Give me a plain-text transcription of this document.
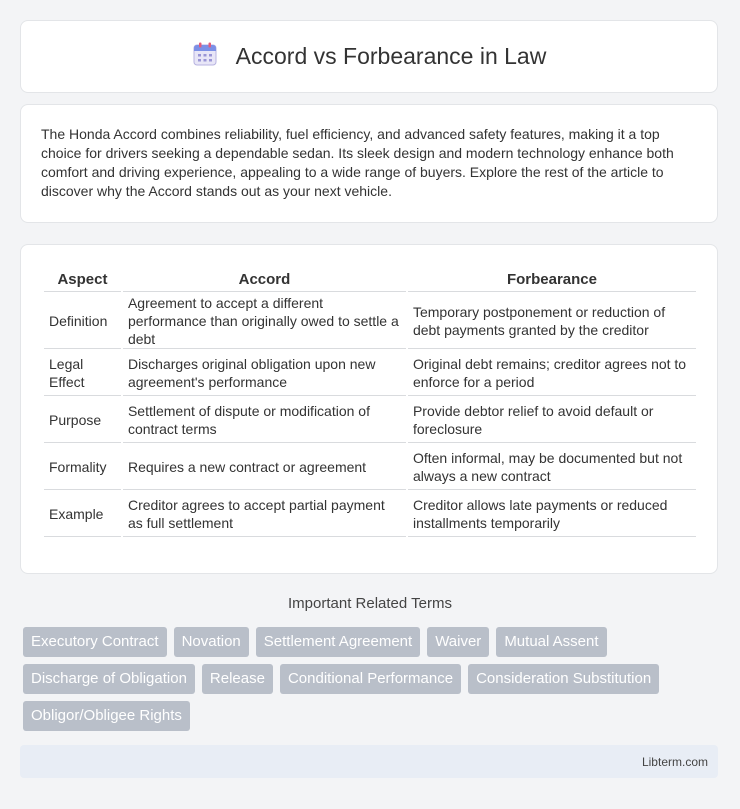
Accord vs Forbearance in Law
The Honda Accord combines reliability, fuel efficiency, and advanced safety features, making it a top choice for drivers seeking a dependable sedan. Its sleek design and modern technology enhance both comfort and driving experience, appealing to a wide range of buyers. Explore the rest of the article to discover why the Accord stands out as your next vehicle.
Aspect	Accord	Forbearance
Definition	Agreement to accept a different performance than originally owed to settle a debt	Temporary postponement or reduction of debt payments granted by the creditor
Legal Effect	Discharges original obligation upon new agreement's performance	Original debt remains; creditor agrees not to enforce for a period
Purpose	Settlement of dispute or modification of contract terms	Provide debtor relief to avoid default or foreclosure
Formality	Requires a new contract or agreement	Often informal, may be documented but not always a new contract
Example	Creditor agrees to accept partial payment as full settlement	Creditor allows late payments or reduced installments temporarily
Important Related Terms
Executory Contract	Novation	Settlement Agreement	Waiver	Mutual Assent
Discharge of Obligation	Release	Conditional Performance	Consideration Substitution
Obligor/Obligee Rights
Libterm.com
